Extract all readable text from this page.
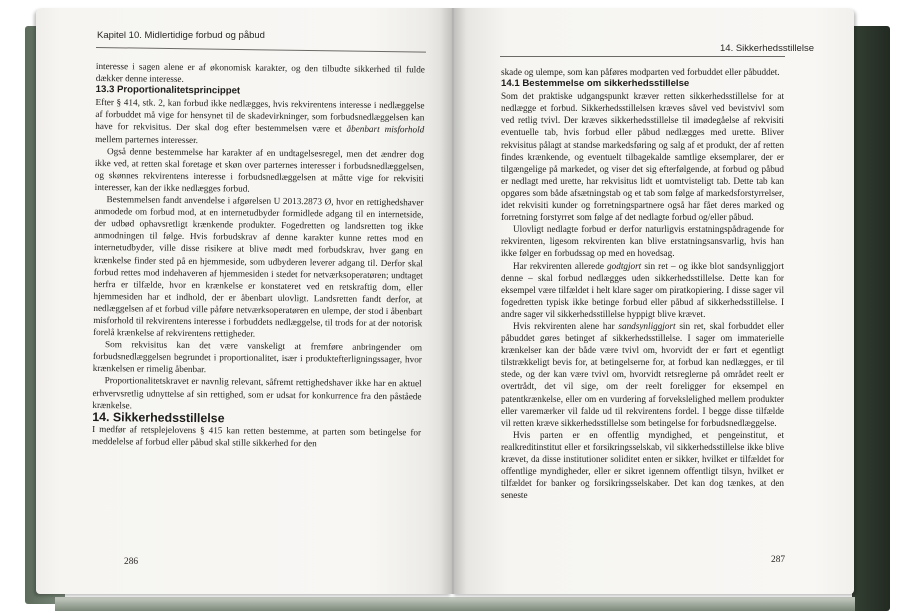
Kapitel 10. Midlertidige forbud og påbud

interesse i sagen alene er af økonomisk karakter, og den tilbudte sikkerhed til fulde dækker denne interesse.

13.3 Proportionalitetsprincippet

Efter § 414, stk. 2, kan forbud ikke nedlægges, hvis rekvirentens interesse i nedlæggelse af forbuddet må vige for hensynet til de skadevirkninger, som forbudsnedlæggelsen kan have for rekvisitus. Der skal dog efter bestemmelsen være et åbenbart misforhold mellem parternes interesser.

Også denne bestemmelse har karakter af en undtagelsesregel, men det ændrer dog ikke ved, at retten skal foretage et skøn over parternes interesser i forbudsnedlæggelsen, og skønnes rekvirentens interesse i forbudsnedlæggelsen at måtte vige for rekvisiti interesser, kan der ikke nedlægges forbud.

Bestemmelsen fandt anvendelse i afgørelsen U 2013.2873 Ø, hvor en rettighedshaver anmodede om forbud mod, at en internetudbyder formidlede adgang til en internetside, der udbød ophavsretligt krænkende produkter. Fogedretten og landsretten tog ikke anmodningen til følge. Hvis forbudskrav af denne karakter kunne rettes mod en internetudbyder, ville disse risikere at blive mødt med forbudskrav, hver gang en krænkelse finder sted på en hjemmeside, som udbyderen leverer adgang til. Derfor skal forbud rettes mod indehaveren af hjemmesiden i stedet for netværksoperatøren; undtaget herfra er tilfælde, hvor en krænkelse er konstateret ved en retskraftig dom, eller hjemmesiden har et indhold, der er åbenbart ulovligt. Landsretten fandt derfor, at nedlæggelsen af et forbud ville påføre netværksoperatøren en ulempe, der stod i åbenbart misforhold til rekvirentens interesse i forbuddets nedlæggelse, til trods for at der notorisk forelå krænkelse af rekvirentens rettigheder.

Som rekvisitus kan det være vanskeligt at fremføre anbringender om forbudsnedlæggelsen begrundet i proportionalitet, især i produktefterligningssager, hvor krænkelsen er rimelig åbenbar.

Proportionalitetskravet er navnlig relevant, såfremt rettighedshaver ikke har en aktuel erhvervsretlig udnyttelse af sin rettighed, som er udsat for konkurrence fra den påståede krænkelse.

14. Sikkerhedsstillelse

I medfør af retsplejelovens § 415 kan retten bestemme, at parten som betingelse for meddelelse af forbud eller påbud skal stille sikkerhed for den

286
14. Sikkerhedsstillelse

skade og ulempe, som kan påføres modparten ved forbuddet eller påbuddet.

14.1 Bestemmelse om sikkerhedsstillelse

Som det praktiske udgangspunkt kræver retten sikkerhedsstillelse for at nedlægge et forbud. Sikkerhedsstillelsen kræves såvel ved bevistvivl som ved retlig tvivl. Der kræves sikkerhedsstillelse til imødegåelse af rekvisiti eventuelle tab, hvis forbud eller påbud nedlægges med urette. Bliver rekvisitus pålagt at standse markedsføring og salg af et produkt, der af retten findes krænkende, og eventuelt tilbagekalde samtlige eksemplarer, der er tilgængelige på markedet, og viser det sig efterfølgende, at forbud og påbud er nedlagt med urette, har rekvisitus lidt et uomtvisteligt tab. Dette tab kan opgøres som både afsætningstab og et tab som følge af markedsforstyrrelser, idet rekvisiti kunder og forretningspartnere også har fået deres marked og forretning forstyrret som følge af det nedlagte forbud og/eller påbud.

Ulovligt nedlagte forbud er derfor naturligvis erstatningspådragende for rekvirenten, ligesom rekvirenten kan blive erstatningsansvarlig, hvis han ikke følger en forbudssag op med en hovedsag.

Har rekvirenten allerede godtgjort sin ret – og ikke blot sandsynliggjort denne – skal forbud nedlægges uden sikkerhedsstillelse. Dette kan for eksempel være tilfældet i helt klare sager om piratkopiering. I disse sager vil fogedretten typisk ikke betinge forbud eller påbud af sikkerhedsstillelse. I andre sager vil sikkerhedsstillelse hyppigt blive krævet.

Hvis rekvirenten alene har sandsynliggjort sin ret, skal forbuddet eller påbuddet gøres betinget af sikkerhedsstillelse. I sager om immaterielle krænkelser kan der både være tvivl om, hvorvidt der er ført et egentligt tilstrækkeligt bevis for, at betingelserne for, at forbud kan nedlægges, er til stede, og der kan være tvivl om, hvorvidt retsreglerne på området reelt er overtrådt, det vil sige, om der reelt foreligger for eksempel en patentkrænkelse, eller om en vurdering af forvekslelighed mellem produkter eller varemærker vil falde ud til rekvirentens fordel. I begge disse tilfælde vil retten kræve sikkerhedsstillelse som betingelse for forbudsnedlæggelse.

Hvis parten er en offentlig myndighed, et pengeinstitut, et realkreditinstitut eller et forsikringsselskab, vil sikkerhedsstillelse ikke blive krævet, da disse institutioner soliditet enten er sikker, hvilket er tilfældet for offentlige myndigheder, eller er sikret igennem offentligt tilsyn, hvilket er tilfældet for banker og forsikringsselskaber. Det kan dog tænkes, at den seneste

287
